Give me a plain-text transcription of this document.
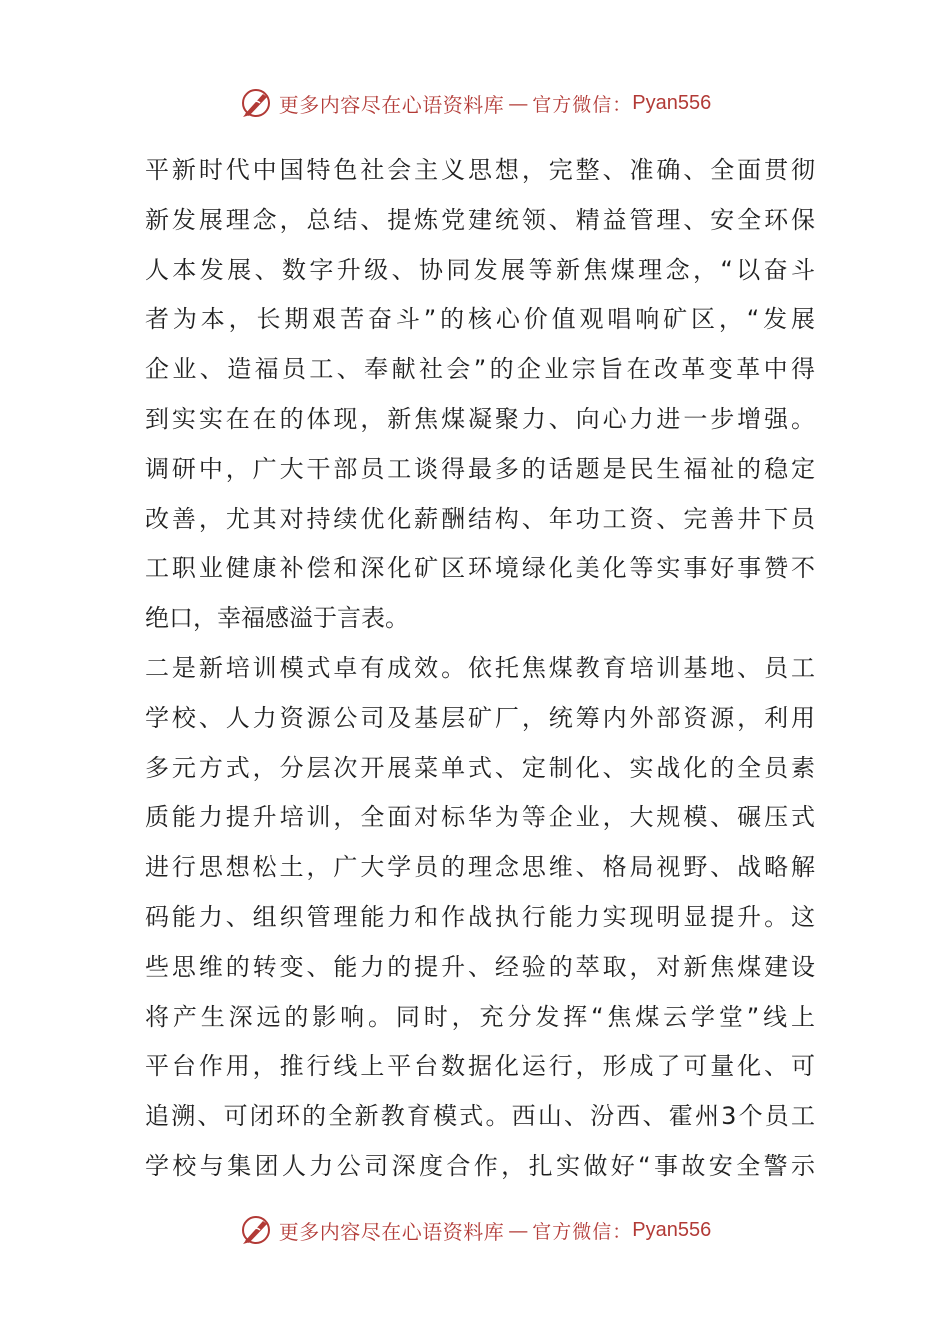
更多内容尽在心语资料库 — 官方微信： Pyan556
平新时代中国特色社会主义思想，完整、准确、全面贯彻
新发展理念，总结、提炼党建统领、精益管理、安全环保
人本发展、数字升级、协同发展等新焦煤理念，“以奋斗
者为本，长期艰苦奋斗”的核心价值观唱响矿区，“发展
企业、造福员工、奉献社会”的企业宗旨在改革变革中得
到实实在在的体现，新焦煤凝聚力、向心力进一步增强。
调研中，广大干部员工谈得最多的话题是民生福祉的稳定
改善，尤其对持续优化薪酬结构、年功工资、完善井下员
工职业健康补偿和深化矿区环境绿化美化等实事好事赞不
绝口，幸福感溢于言表。
二是新培训模式卓有成效。依托焦煤教育培训基地、员工
学校、人力资源公司及基层矿厂，统筹内外部资源，利用
多元方式，分层次开展菜单式、定制化、实战化的全员素
质能力提升培训，全面对标华为等企业，大规模、碾压式
进行思想松土，广大学员的理念思维、格局视野、战略解
码能力、组织管理能力和作战执行能力实现明显提升。这
些思维的转变、能力的提升、经验的萃取，对新焦煤建设
将产生深远的影响。同时，充分发挥“焦煤云学堂”线上
平台作用，推行线上平台数据化运行，形成了可量化、可
追溯、可闭环的全新教育模式。西山、汾西、霍州3个员工
学校与集团人力公司深度合作，扎实做好“事故安全警示
更多内容尽在心语资料库 — 官方微信： Pyan556
